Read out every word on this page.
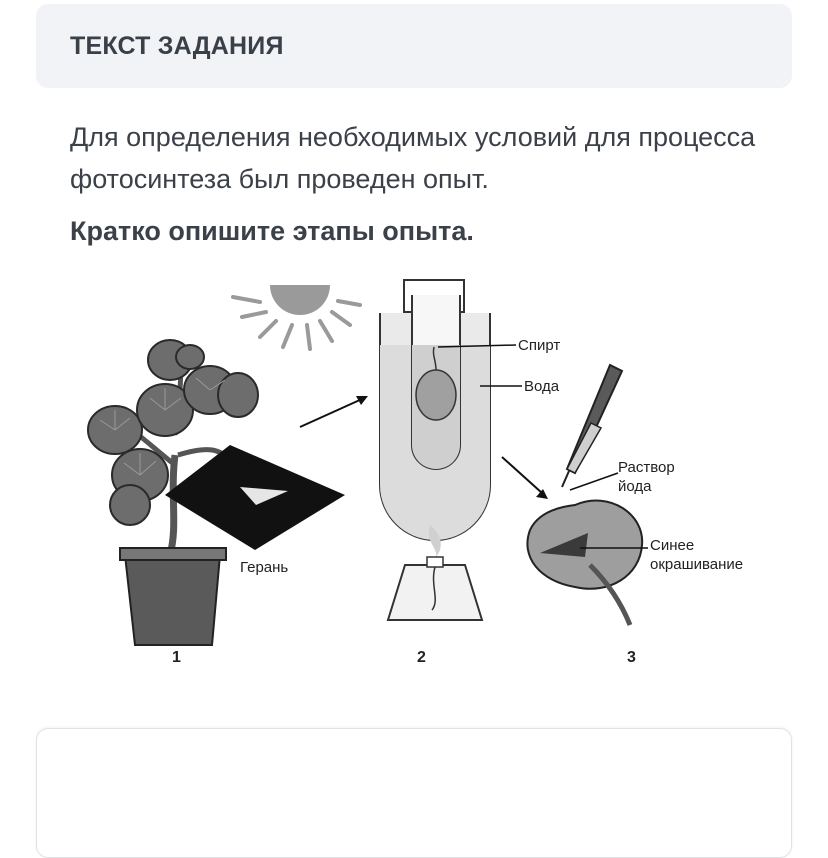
ТЕКСТ ЗАДАНИЯ
Для определения необходимых условий для процесса фотосинтеза был проведен опыт.
Кратко опишите этапы опыта.
Герань
Спирт
Вода
Раствор
йода
Синее
окрашивание
1	2	3
